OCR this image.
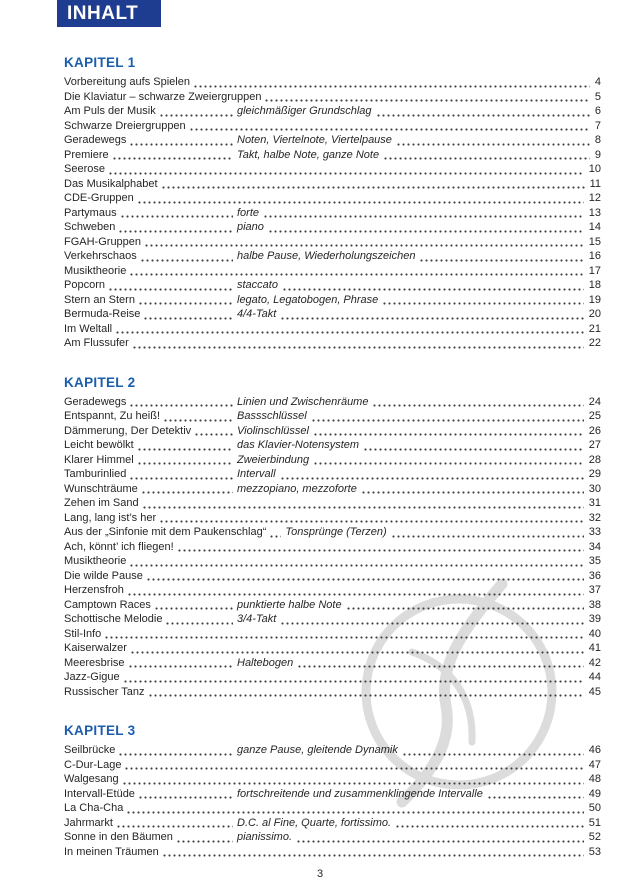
INHALT
KAPITEL 1
Vorbereitung aufs Spielen	4
Die Klaviatur – schwarze Zweiergruppen	5
Am Puls der Musik	gleichmäßiger Grundschlag	6
Schwarze Dreiergruppen	7
Geradewegs	Noten, Viertelnote, Viertelpause	8
Premiere	Takt, halbe Note, ganze Note	9
Seerose	10
Das Musikalphabet	11
CDE-Gruppen	12
Partymaus	forte	13
Schweben	piano	14
FGAH-Gruppen	15
Verkehrschaos	halbe Pause, Wiederholungszeichen	16
Musiktheorie	17
Popcorn	staccato	18
Stern an Stern	legato, Legatobogen, Phrase	19
Bermuda-Reise	4/4-Takt	20
Im Weltall	21
Am Flussufer	22
KAPITEL 2
Geradewegs	Linien und Zwischenräume	24
Entspannt, Zu heiß!	Bassschlüssel	25
Dämmerung, Der Detektiv	Violinschlüssel	26
Leicht bewölkt	das Klavier-Notensystem	27
Klarer Himmel	Zweierbindung	28
Tamburinlied	Intervall	29
Wunschträume	mezzopiano, mezzoforte	30
Zehen im Sand	31
Lang, lang ist’s her	32
Aus der „Sinfonie mit dem Paukenschlag“ Tonsprünge (Terzen)	33
Ach, könnt’ ich fliegen!	34
Musiktheorie	35
Die wilde Pause	36
Herzensfroh	37
Camptown Races	punktierte halbe Note	38
Schottische Melodie	3/4-Takt	39
Stil-Info	40
Kaiserwalzer	41
Meeresbrise	Haltebogen	42
Jazz-Gigue	44
Russischer Tanz	45
KAPITEL 3
Seilbrücke	ganze Pause, gleitende Dynamik	46
C-Dur-Lage	47
Walgesang	48
Intervall-Etüde	fortschreitende und zusammenklingende Intervalle	49
La Cha-Cha	50
Jahrmarkt	D.C. al Fine, Quarte, fortissimo.	51
Sonne in den Bäumen	pianissimo.	52
In meinen Träumen	53
3
